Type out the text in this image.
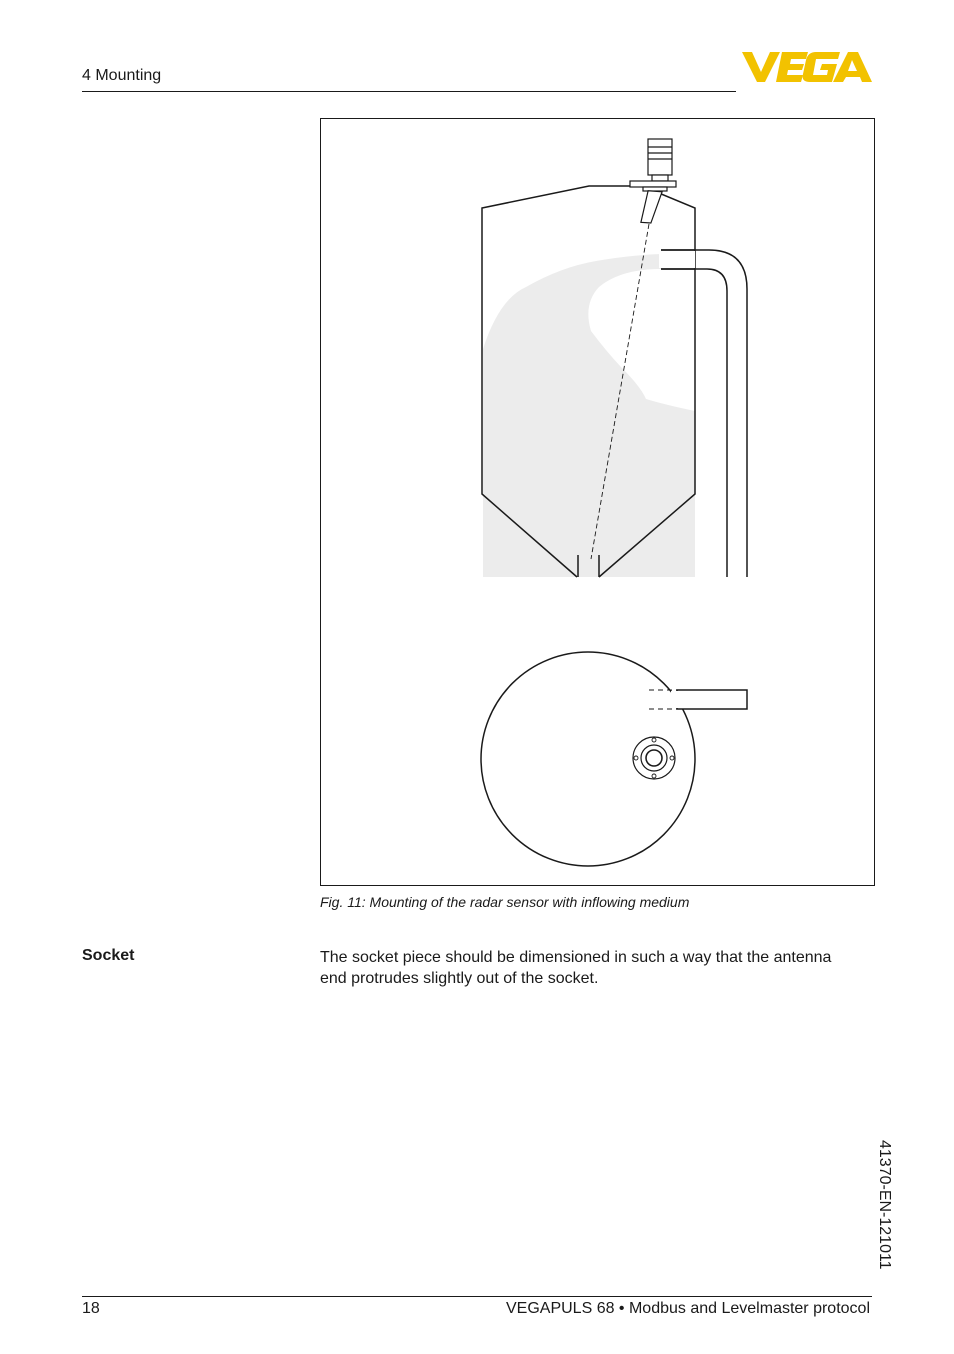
4 Mounting
Fig. 11: Mounting of the radar sensor with inflowing medium
Socket	The socket piece should be dimensioned in such a way that the antenna end protrudes slightly out of the socket.
41370-EN-121011
18	VEGAPULS 68 • Modbus and Levelmaster protocol
